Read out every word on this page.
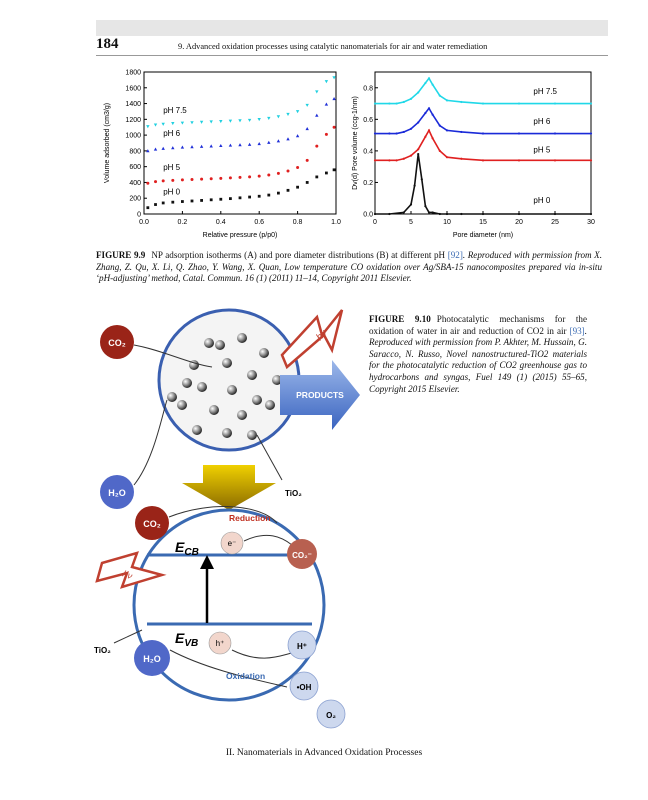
184	9. Advanced oxidation processes using catalytic nanomaterials for air and water remediation
0.0	0.2	0.4	0.6	0.8	1.0
0
200
400
600
800
1000
1200
1400
1600
1800
Relative pressure (p/p0)
Volume adsorbed (cm3/g)	pH 7.5
pH 6
pH 5
pH 0
0	5	10	15	20	25	30
0.0
0.2
0.4
0.6
0.8
Pore diameter (nm)
Dv(d) Pore volume (ccg-1/nm)
pH 7.5
pH 6
pH 5
pH 0
FIGURE 9.9 NP adsorption isotherms (A) and pore diameter distributions (B) at different pH [92]. Reproduced with permission from X. Zhang, Z. Qu, X. Li, Q. Zhao, Y. Wang, X. Quan, Low temperature CO oxidation over Ag/SBA-15 nanocomposites prepared via in-situ ‘pH-adjusting’ method, Catal. Commun. 16 (1) (2011) 11–14, Copyright 2011 Elsevier.
CO₂
H₂O
hν
PRODUCTS
TiO₂
$E_{CB}$
$E_{VB}$
CO₂
Reduction
e⁻
CO₂⁻
hν
TiO₂
h⁺
Oxidation
H₂O
H⁺
•OH
O₂
FIGURE 9.10 Photocatalytic mechanisms for the oxidation of water in air and reduction of CO2 in air [93]. Reproduced with permission from P. Akhter, M. Hussain, G. Saracco, N. Russo, Novel nanostructured-TiO2 materials for the photocatalytic reduction of CO2 greenhouse gas to hydrocarbons and syngas, Fuel 149 (1) (2015) 55–65, Copyright 2015 Elsevier.
II. Nanomaterials in Advanced Oxidation Processes
